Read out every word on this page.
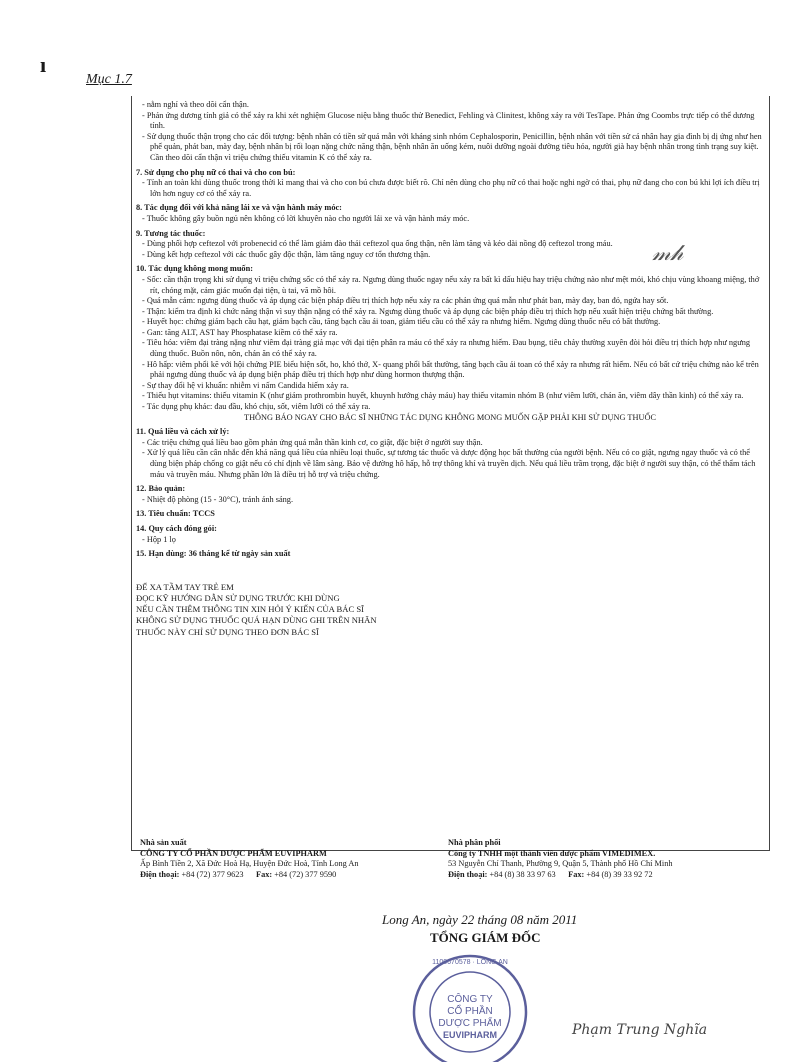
ı
Mục 1.7
- nằm nghỉ và theo dõi cẩn thận.
- Phản ứng dương tính giả có thể xảy ra khi xét nghiệm Glucose niệu bằng thuốc thử Benedict, Fehling và Clinitest, không xảy ra với TesTape. Phản ứng Coombs trực tiếp có thể dương tính.
- Sử dụng thuốc thận trọng cho các đối tượng: bệnh nhân có tiền sử quá mẫn với kháng sinh nhóm Cephalosporin, Penicillin, bệnh nhân với tiền sử cá nhân hay gia đình bị dị ứng như hen phế quản, phát ban, mày đay, bệnh nhân bị rối loạn nặng chức năng thận, bệnh nhân ăn uống kém, nuôi dưỡng ngoài đường tiêu hóa, người già hay bệnh nhân trong tình trạng suy kiệt. Cần theo dõi cẩn thận vì triệu chứng thiếu vitamin K có thể xảy ra.
7. Sử dụng cho phụ nữ có thai và cho con bú:
- Tính an toàn khi dùng thuốc trong thời kì mang thai và cho con bú chưa được biết rõ. Chỉ nên dùng cho phụ nữ có thai hoặc nghi ngờ có thai, phụ nữ đang cho con bú khi lợi ích điều trị lớn hơn nguy cơ có thể xảy ra.
8. Tác dụng đối với khả năng lái xe và vận hành máy móc:
- Thuốc không gây buồn ngủ nên không có lời khuyên nào cho người lái xe và vận hành máy móc.
9. Tương tác thuốc:
- Dùng phối hợp ceftezol với probenecid có thể làm giảm đào thải ceftezol qua ống thận, nên làm tăng và kéo dài nồng độ ceftezol trong máu.
- Dùng kết hợp ceftezol với các thuốc gây độc thận, làm tăng nguy cơ tổn thương thận.
10. Tác dụng không mong muốn:
- Sốc: cần thận trọng khi sử dụng vì triệu chứng sốc có thể xảy ra. Ngưng dùng thuốc ngay nếu xảy ra bất kì dấu hiệu hay triệu chứng nào như mệt mỏi, khó chịu vùng khoang miệng, thở rít, chóng mặt, cảm giác muốn đại tiện, ù tai, vã mồ hôi.
- Quá mẫn cảm: ngưng dùng thuốc và áp dụng các biện pháp điều trị thích hợp nếu xảy ra các phản ứng quá mẫn như phát ban, mày đay, ban đỏ, ngứa hay sốt.
- Thận: kiểm tra định kì chức năng thận vì suy thận nặng có thể xảy ra. Ngưng dùng thuốc và áp dụng các biện pháp điều trị thích hợp nếu xuất hiện triệu chứng bất thường.
- Huyết học: chứng giảm bạch cầu hạt, giảm bạch cầu, tăng bạch cầu ái toan, giảm tiểu cầu có thể xảy ra nhưng hiếm. Ngưng dùng thuốc nếu có bất thường.
- Gan: tăng ALT, AST hay Phosphatase kiềm có thể xảy ra.
- Tiêu hóa: viêm đại tràng nặng như viêm đại tràng giả mạc với đại tiện phân ra máu có thể xảy ra nhưng hiếm. Đau bụng, tiêu chảy thường xuyên đòi hỏi điều trị thích hợp như ngưng dùng thuốc. Buồn nôn, nôn, chán ăn có thể xảy ra.
- Hô hấp: viêm phổi kẽ với hội chứng PIE biểu hiện sốt, ho, khó thở, X- quang phổi bất thường, tăng bạch cầu ái toan có thể xảy ra nhưng rất hiếm. Nếu có bất cứ triệu chứng nào kể trên phải ngưng dùng thuốc và áp dụng biện pháp điều trị thích hợp như dùng hormon thượng thận.
- Sự thay đổi hệ vi khuẩn: nhiễm vi nấm Candida hiếm xảy ra.
- Thiếu hụt vitamins: thiếu vitamin K (như giảm prothrombin huyết, khuynh hướng chảy máu) hay thiếu vitamin nhóm B (như viêm lưỡi, chán ăn, viêm dây thần kinh) có thể xảy ra.
- Tác dụng phụ khác: đau đầu, khó chịu, sốt, viêm lưỡi có thể xảy ra.
THÔNG BÁO NGAY CHO BÁC SĨ NHỮNG TÁC DỤNG KHÔNG MONG MUỐN GẶP PHẢI KHI SỬ DỤNG THUỐC
11. Quá liều và cách xử lý:
- Các triệu chứng quá liều bao gồm phản ứng quá mẫn thần kinh cơ, co giật, đặc biệt ở người suy thận.
- Xử lý quá liều cần cân nhắc đến khả năng quá liều của nhiều loại thuốc, sự tương tác thuốc và dược động học bất thường của người bệnh. Nếu có co giật, ngưng ngay thuốc và có thể dùng biện pháp chống co giật nếu có chỉ định về lâm sàng. Bảo vệ đường hô hấp, hỗ trợ thông khí và truyền dịch. Nếu quá liều trầm trọng, đặc biệt ở người suy thận, có thể thẩm tách máu và truyền máu. Nhưng phần lớn là điều trị hỗ trợ và triệu chứng.
12. Bảo quản:
- Nhiệt độ phòng (15 - 30°C), tránh ánh sáng.
13. Tiêu chuẩn: TCCS
14. Quy cách đóng gói:
- Hộp 1 lọ
15. Hạn dùng: 36 tháng kể từ ngày sản xuất
ĐỂ XA TẦM TAY TRẺ EM
ĐỌC KỸ HƯỚNG DẪN SỬ DỤNG TRƯỚC KHI DÙNG
NẾU CẦN THÊM THÔNG TIN XIN HỎI Ý KIẾN CỦA BÁC SĨ
KHÔNG SỬ DỤNG THUỐC QUÁ HẠN DÙNG GHI TRÊN NHÃN
THUỐC NÀY CHỈ SỬ DỤNG THEO ĐƠN BÁC SĨ
𝓂𝒽
Nhà sản xuất
CÔNG TY CỔ PHẦN DƯỢC PHẨM EUVIPHARM
Ấp Bình Tiền 2, Xã Đức Hoà Hạ, Huyện Đức Hoà, Tỉnh Long An
Điện thoại: +84 (72) 377 9623 Fax: +84 (72) 377 9590
Nhà phân phối
Công ty TNHH một thành viên dược phẩm VIMEDIMEX.
53 Nguyễn Chí Thanh, Phường 9, Quận 5, Thành phố Hồ Chí Minh
Điện thoại: +84 (8) 38 33 97 63 Fax: +84 (8) 39 33 92 72
Long An, ngày 22 tháng 08 năm 2011
TỔNG GIÁM ĐỐC
CÔNG TY
CỔ PHẦN
DƯỢC PHẨM
EUVIPHARM
1100670578 · LONG AN
Phạm Trung Nghĩa
